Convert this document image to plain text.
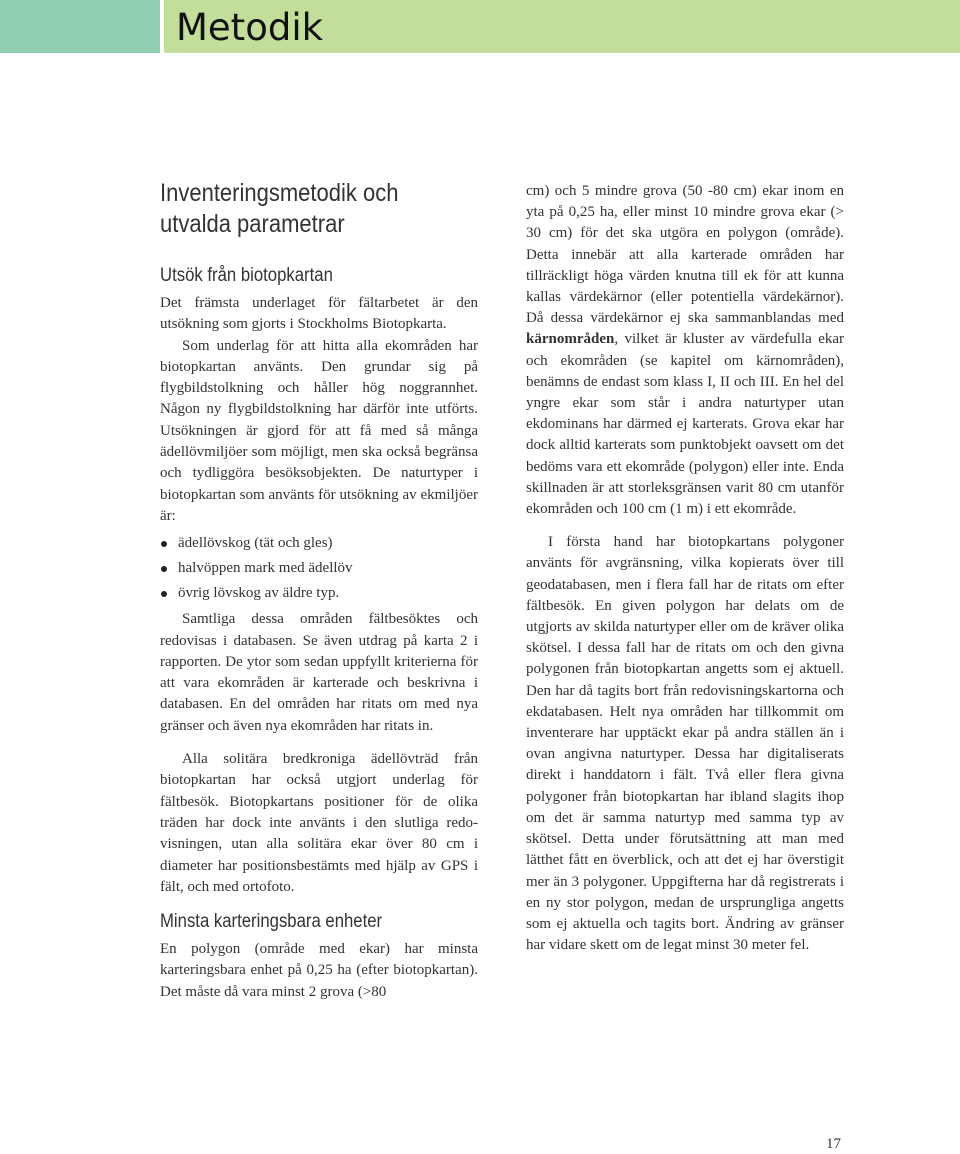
Metodik
Inventeringsmetodik och
utvalda parametrar
Utsök från biotopkartan

Det främsta underlaget för fältarbetet är den utsökning som gjorts i Stockholms Biotopkarta.

Som underlag för att hitta alla ekområden har biotopkartan använts. Den grundar sig på flygbildstolkning och håller hög noggrannhet. Någon ny flygbildstolkning har därför inte utförts. Utsökningen är gjord för att få med så många ädellövmiljöer som möjligt, men ska också begränsa och tydliggöra besöksobjekten. De naturtyper i biotopkartan som använts för utsökning av ekmiljöer är:

ädellövskog (tät och gles)
halvöppen mark med ädellöv
övrig lövskog av äldre typ.

Samtliga dessa områden fältbesöktes och redovisas i databasen. Se även utdrag på karta 2 i rapporten. De ytor som sedan uppfyllt kriterierna för att vara ekområden är karterade och beskrivna i databasen. En del områden har ritats om med nya gränser och även nya ekområden har ritats in.

Alla solitära bredkroniga ädellövträd från biotopkartan har också utgjort underlag för fältbesök. Biotopkartans positioner för de olika träden har dock inte använts i den slutliga redovisningen, utan alla solitära ekar över 80 cm i diameter har positionsbestämts med hjälp av GPS i fält, och med ortofoto.

Minsta karteringsbara enheter

En polygon (område med ekar) har minsta karteringsbara enhet på 0,25 ha (efter biotopkartan). Det måste då vara minst 2 grova (>80

cm) och 5 mindre grova (50 -80 cm) ekar inom en yta på 0,25 ha, eller minst 10 mindre grova ekar (> 30 cm) för det ska utgöra en polygon (område). Detta innebär att alla karterade områden har tillräckligt höga värden knutna till ek för att kunna kallas värdekärnor (eller potentiella värdekärnor). Då dessa värdekärnor ej ska sammanblandas med kärnområden, vilket är kluster av värdefulla ekar och ekområden (se kapitel om kärnområden), benämns de endast som klass I, II och III. En hel del yngre ekar som står i andra naturtyper utan ekdominans har därmed ej karterats. Grova ekar har dock alltid karterats som punktobjekt oavsett om det bedöms vara ett ekområde (polygon) eller inte. Enda skillnaden är att storleksgränsen varit 80 cm utanför ekområden och 100 cm (1 m) i ett ekområde.

I första hand har biotopkartans polygoner använts för avgränsning, vilka kopierats över till geodatabasen, men i flera fall har de ritats om efter fältbesök. En given polygon har delats om de utgjorts av skilda naturtyper eller om de kräver olika skötsel. I dessa fall har de ritats om och den givna polygonen från biotopkartan angetts som ej aktuell. Den har då tagits bort från redovisningskartorna och ekdatabasen. Helt nya områden har tillkommit om inventerare har upptäckt ekar på andra ställen än i ovan angivna naturtyper. Dessa har digitaliserats direkt i handdatorn i fält. Två eller flera givna polygoner från biotopkartan har ibland slagits ihop om det är samma naturtyp med samma typ av skötsel. Detta under förutsättning att man med lätthet fått en överblick, och att det ej har överstigit mer än 3 polygoner. Uppgifterna har då registrerats i en ny stor polygon, medan de ursprungliga angetts som ej aktuella och tagits bort. Ändring av gränser har vidare skett om de legat minst 30 meter fel.

17
